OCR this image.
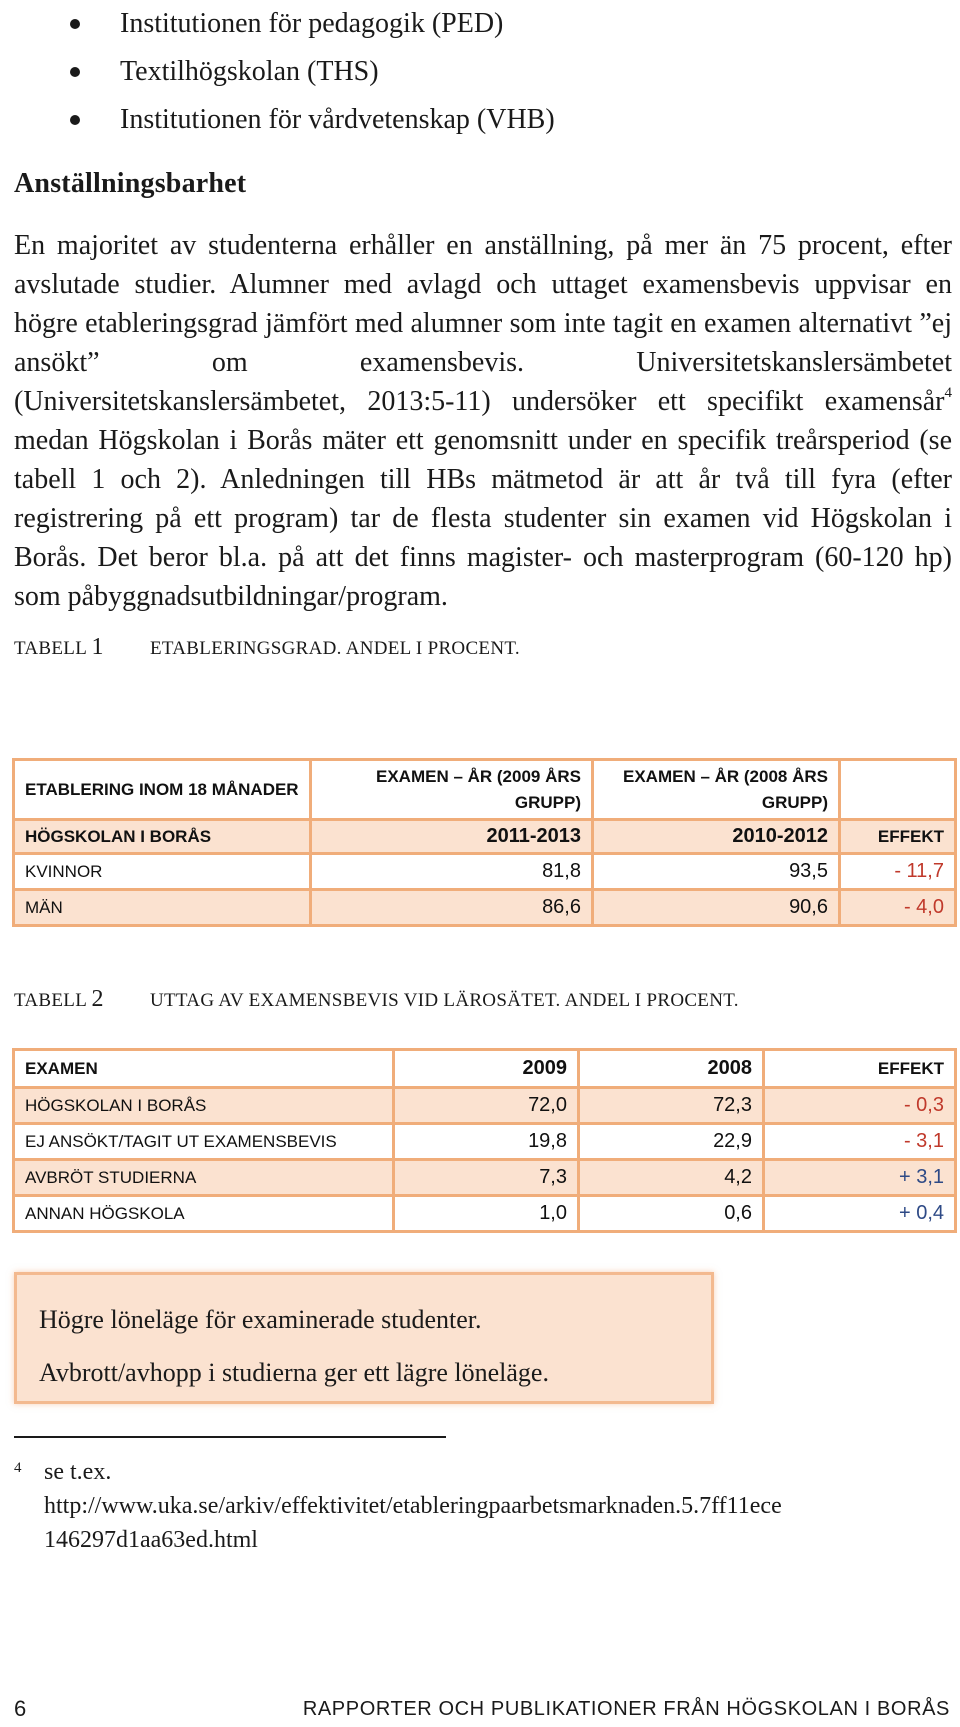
Institutionen för pedagogik (PED)
Textilhögskolan (THS)
Institutionen för vårdvetenskap (VHB)
Anställningsbarhet

En majoritet av studenterna erhåller en anställning, på mer än 75 procent, efter avslutade studier. Alumner med avlagd och uttaget examensbevis uppvisar en högre etableringsgrad jämfört med alumner som inte tagit en examen alternativt ”ej ansökt” om examensbevis. Universitetskanslersämbetet (Universitetskanslersämbetet, 2013:5-11) undersöker ett specifikt examensår$^4$ medan Högskolan i Borås mäter ett genomsnitt under en specifik treårsperiod (se tabell 1 och 2). Anledningen till HBs mätmetod är att år två till fyra (efter registrering på ett program) tar de flesta studenter sin examen vid Högskolan i Borås. Det beror bl.a. på att det finns magister- och masterprogram (60-120 hp) som påbyggnadsutbildningar/program.

TABELL 1 ETABLERINGSGRAD. ANDEL I PROCENT.
ETABLERING INOM 18 MÅNADER	EXAMEN – ÅR (2009 ÅRS GRUPP)	EXAMEN – ÅR (2008 ÅRS GRUPP)	
HÖGSKOLAN I BORÅS	2011-2013	2010-2012	EFFEKT
KVINNOR	81,8	93,5	- 11,7
MÄN	86,6	90,6	- 4,0
TABELL 2 UTTAG AV EXAMENSBEVIS VID LÄROSÄTET. ANDEL I PROCENT.
EXAMEN	2009	2008	EFFEKT
HÖGSKOLAN I BORÅS	72,0	72,3	- 0,3
EJ ANSÖKT/TAGIT UT EXAMENSBEVIS	19,8	22,9	- 3,1
AVBRÖT STUDIERNA	7,3	4,2	+ 3,1
ANNAN HÖGSKOLA	1,0	0,6	+ 0,4
Högre löneläge för examinerade studenter.
Avbrott/avhopp i studierna ger ett lägre löneläge.
4 se t.ex.
http://www.uka.se/arkiv/effektivitet/etableringpaarbetsmarknaden.5.7ff11ece
146297d1aa63ed.html
6	RAPPORTER OCH PUBLIKATIONER FRÅN HÖGSKOLAN I BORÅS
